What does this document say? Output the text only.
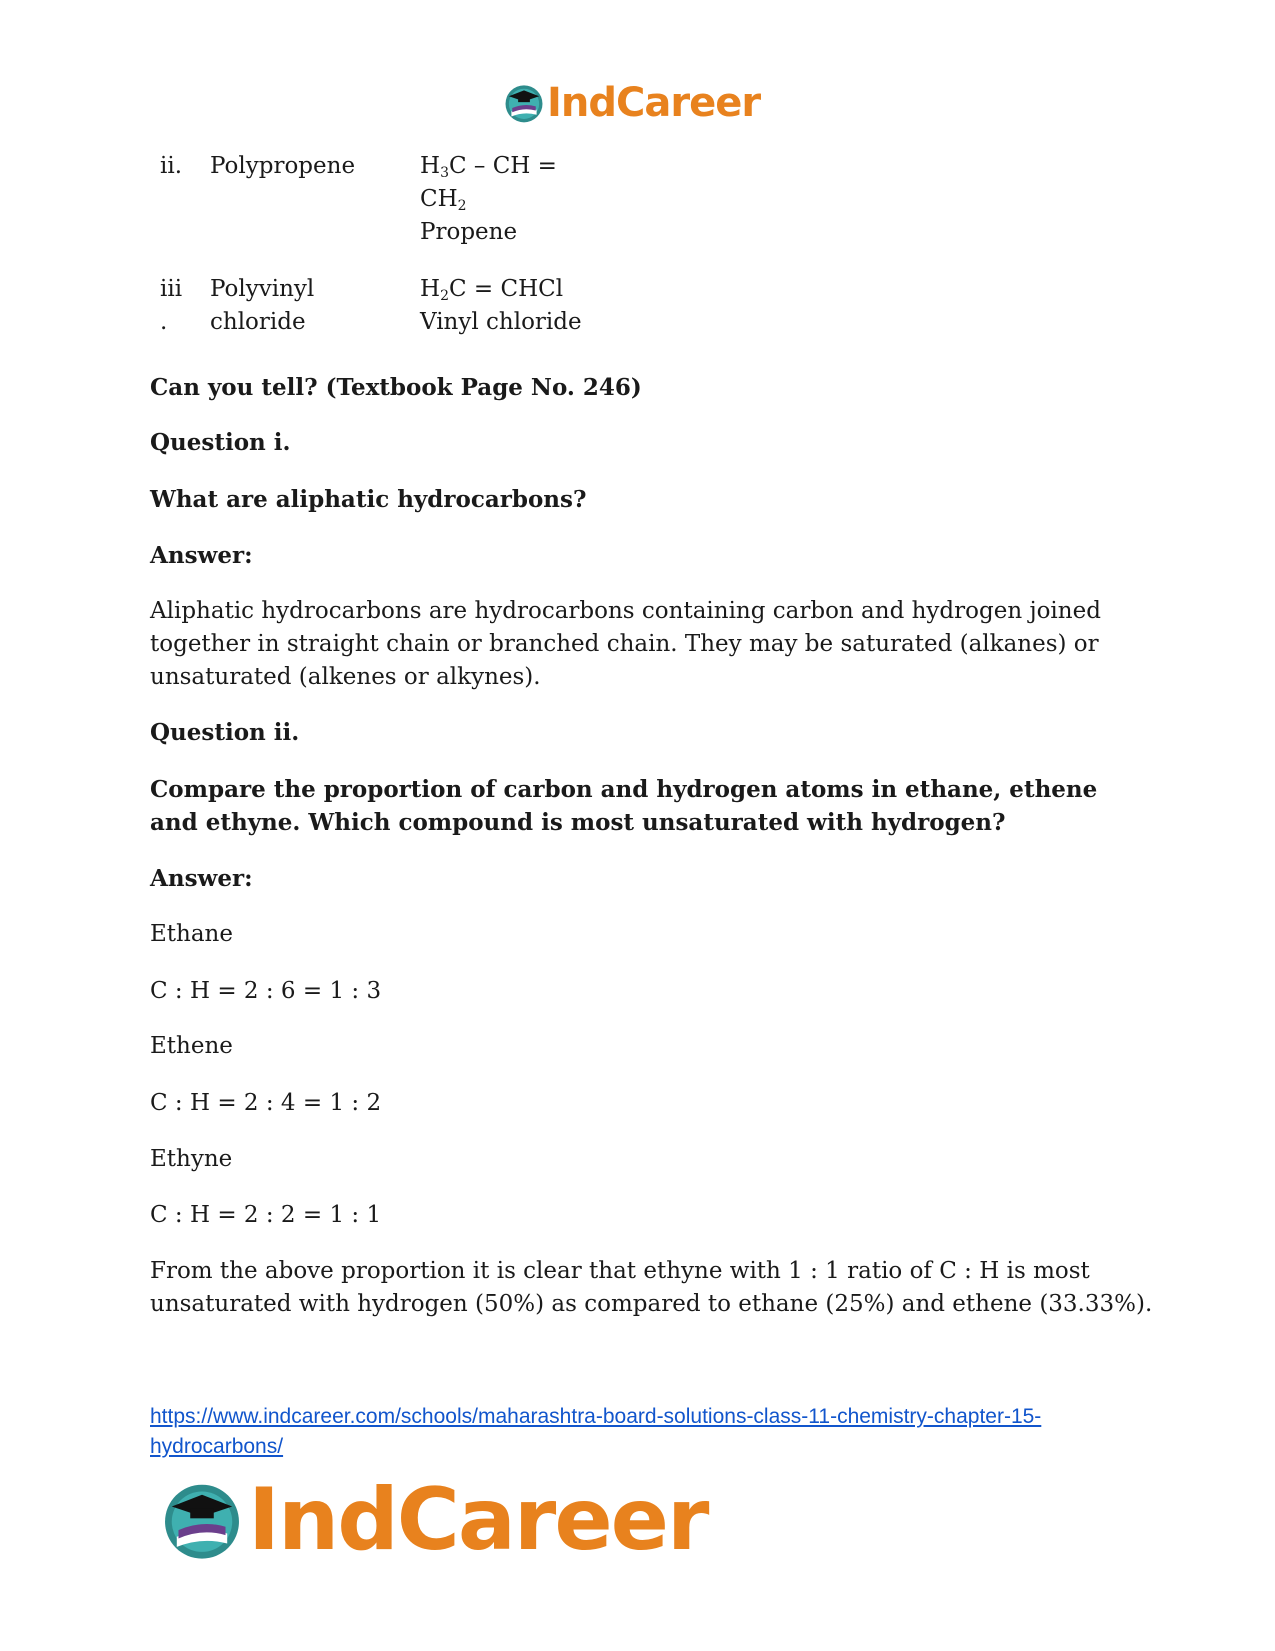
IndCareer
ii.	Polypropene	$H_3C$ – CH =
$CH_2$
Propene
iii
.
Polyvinyl
chloride
$H_2C$ = CHCl
Vinyl chloride
Can you tell? (Textbook Page No. 246)
Question i.
What are aliphatic hydrocarbons?
Answer:
Aliphatic hydrocarbons are hydrocarbons containing carbon and hydrogen joined
together in straight chain or branched chain. They may be saturated (alkanes) or
unsaturated (alkenes or alkynes).
Question ii.
Compare the proportion of carbon and hydrogen atoms in ethane, ethene
and ethyne. Which compound is most unsaturated with hydrogen?
Answer:
Ethane
C : H = 2 : 6 = 1 : 3
Ethene
C : H = 2 : 4 = 1 : 2
Ethyne
C : H = 2 : 2 = 1 : 1
From the above proportion it is clear that ethyne with 1 : 1 ratio of C : H is most
unsaturated with hydrogen (50%) as compared to ethane (25%) and ethene (33.33%).
https://www.indcareer.com/schools/maharashtra-board-solutions-class-11-chemistry-chapter-15-
hydrocarbons/
IndCareer
